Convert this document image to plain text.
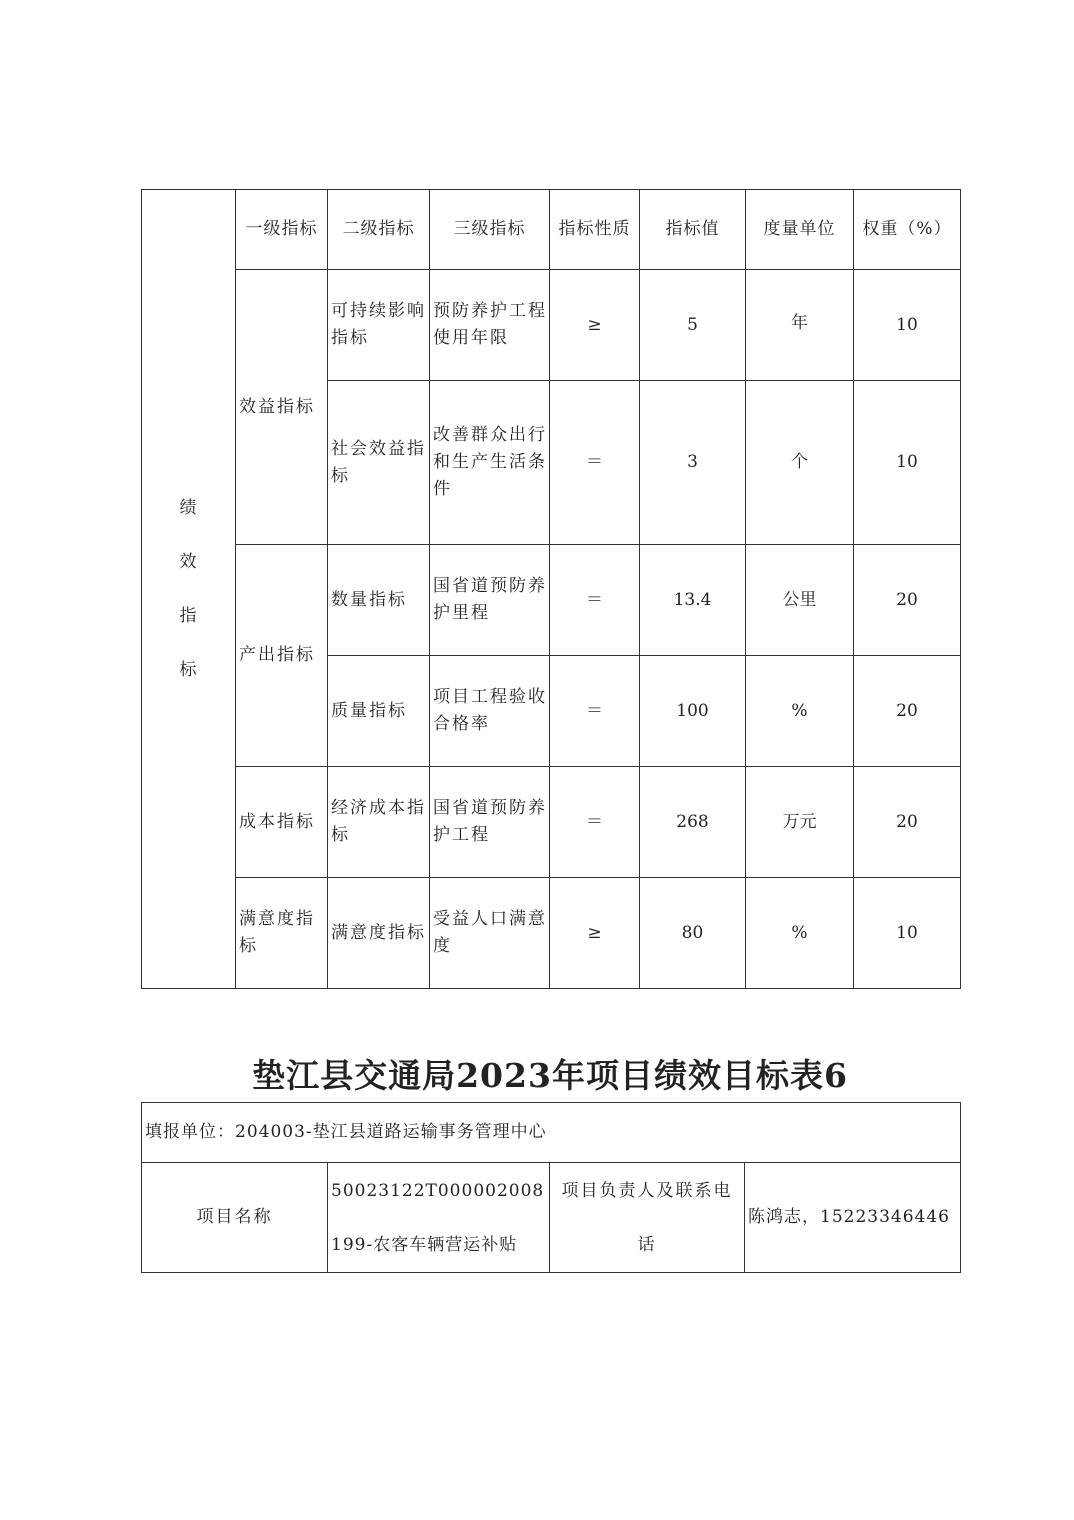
绩
效
指
标	一级指标	二级指标	三级指标	指标性质	指标值	度量单位	权重（%）
	效益指标	可持续影响指标	预防养护工程使用年限	≥	5	年	10
		社会效益指标	改善群众出行和生产生活条件	＝	3	个	10
	产出指标	数量指标	国省道预防养护里程	＝	13.4	公里	20
		质量指标	项目工程验收合格率	＝	100	%	20
	成本指标	经济成本指标	国省道预防养护工程	＝	268	万元	20
	满意度指标	满意度指标	受益人口满意度	≥	80	%	10
垫江县交通局2023年项目绩效目标表6
填报单位：204003-垫江县道路运输事务管理中心
项目名称	50023122T000002008199-农客车辆营运补贴	项目负责人及联系电话	陈鸿志，15223346446
